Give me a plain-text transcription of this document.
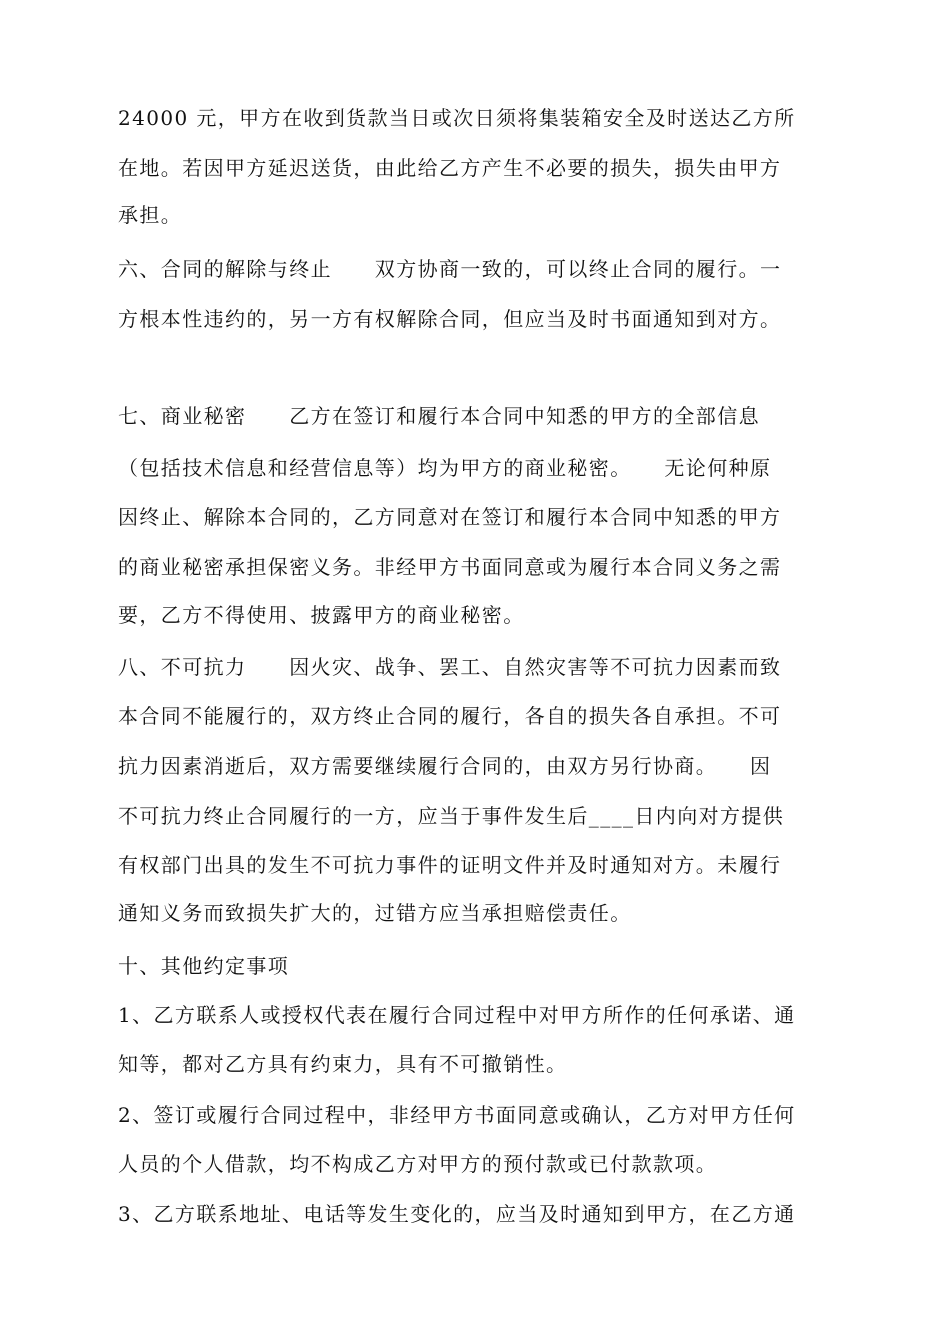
24000 元，甲方在收到货款当日或次日须将集装箱安全及时送达乙方所
在地。若因甲方延迟送货，由此给乙方产生不必要的损失，损失由甲方
承担。
六、合同的解除与终止　　双方协商一致的，可以终止合同的履行。一
方根本性违约的，另一方有权解除合同，但应当及时书面通知到对方。
七、商业秘密　　乙方在签订和履行本合同中知悉的甲方的全部信息
（包括技术信息和经营信息等）均为甲方的商业秘密。　　无论何种原
因终止、解除本合同的，乙方同意对在签订和履行本合同中知悉的甲方
的商业秘密承担保密义务。非经甲方书面同意或为履行本合同义务之需
要，乙方不得使用、披露甲方的商业秘密。
八、不可抗力　　因火灾、战争、罢工、自然灾害等不可抗力因素而致
本合同不能履行的，双方终止合同的履行，各自的损失各自承担。不可
抗力因素消逝后，双方需要继续履行合同的，由双方另行协商。　　因
不可抗力终止合同履行的一方，应当于事件发生后____日内向对方提供
有权部门出具的发生不可抗力事件的证明文件并及时通知对方。未履行
通知义务而致损失扩大的，过错方应当承担赔偿责任。
十、其他约定事项
1、乙方联系人或授权代表在履行合同过程中对甲方所作的任何承诺、通
知等，都对乙方具有约束力，具有不可撤销性。
2、签订或履行合同过程中，非经甲方书面同意或确认，乙方对甲方任何
人员的个人借款，均不构成乙方对甲方的预付款或已付款款项。
3、乙方联系地址、电话等发生变化的，应当及时通知到甲方，在乙方通
